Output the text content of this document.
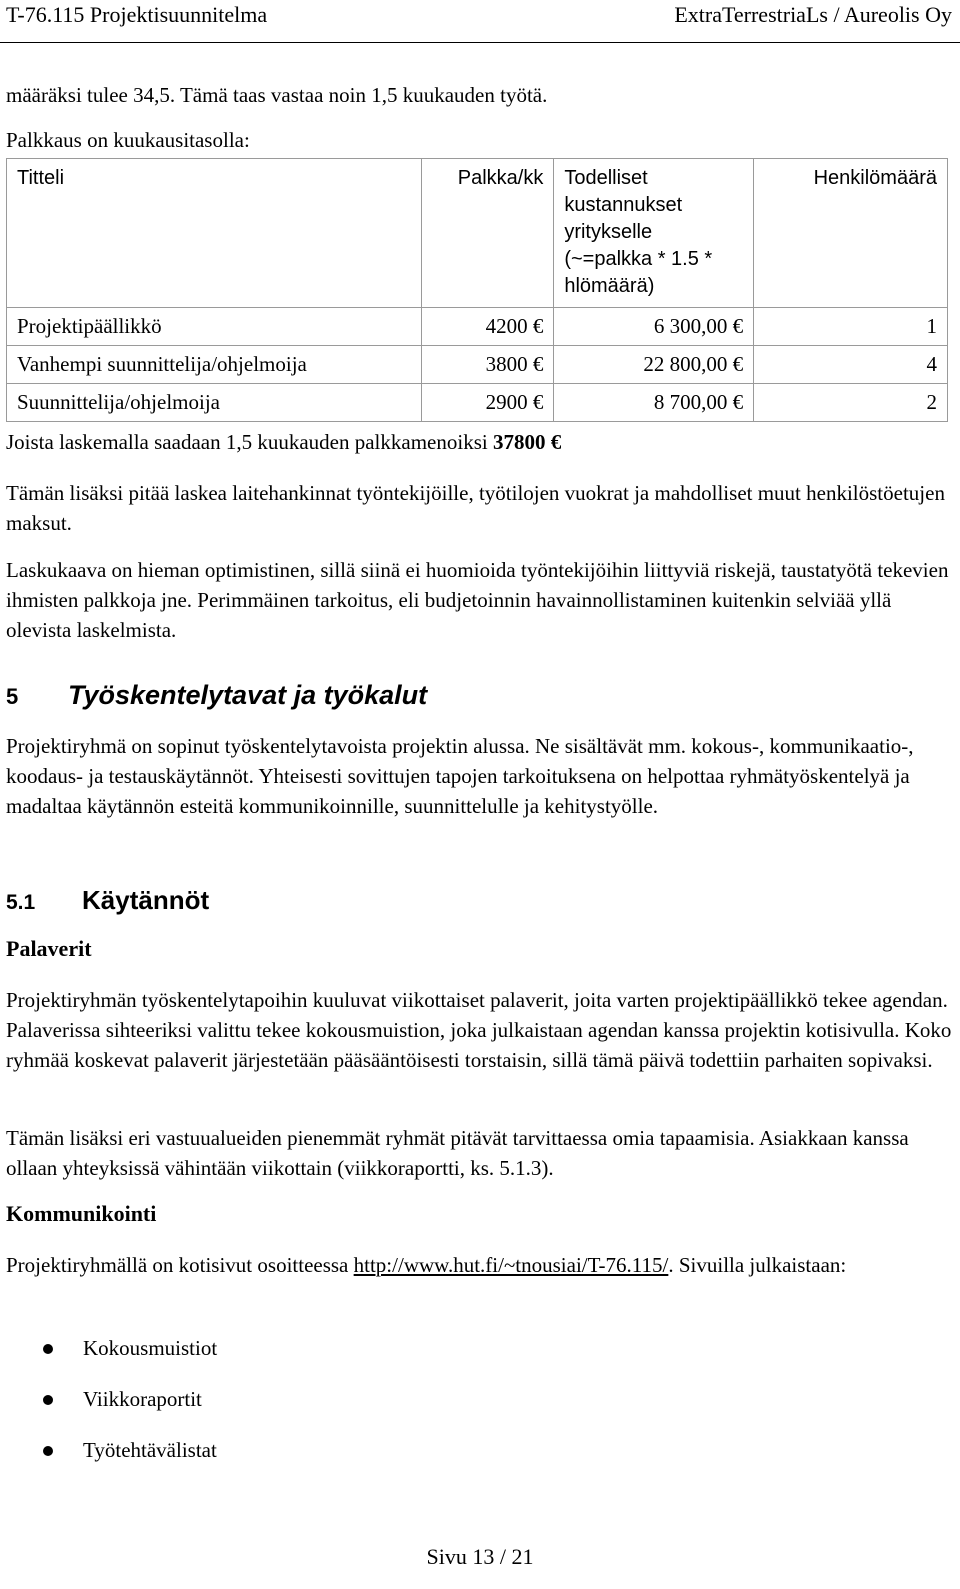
T-76.115 Projektisuunnitelma	ExtraTerrestriaLs / Aureolis Oy

määräksi tulee 34,5. Tämä taas vastaa noin 1,5 kuukauden työtä.

Palkkaus on kuukausitasolla:

Titteli	Palkka/kk	Todelliset kustannukset yritykselle (~=palkka * 1.5 * hlömäärä)	Henkilömäärä
Projektipäällikkö	4200 €	6 300,00 €	1
Vanhempi suunnittelija/ohjelmoija	3800 €	22 800,00 €	4
Suunnittelija/ohjelmoija	2900 €	8 700,00 €	2

Joista laskemalla saadaan 1,5 kuukauden palkkamenoiksi 37800 €

Tämän lisäksi pitää laskea laitehankinnat työntekijöille, työtilojen vuokrat ja mahdolliset muut henkilöstöetujen maksut.

Laskukaava on hieman optimistinen, sillä siinä ei huomioida työntekijöihin liittyviä riskejä, taustatyötä tekevien ihmisten palkkoja jne. Perimmäinen tarkoitus, eli budjetoinnin havainnollistaminen kuitenkin selviää yllä olevista laskelmista.

5	Työskentelytavat ja työkalut

Projektiryhmä on sopinut työskentelytavoista projektin alussa. Ne sisältävät mm. kokous-, kommunikaatio-, koodaus- ja testauskäytännöt. Yhteisesti sovittujen tapojen tarkoituksena on helpottaa ryhmätyöskentelyä ja madaltaa käytännön esteitä kommunikoinnille, suunnittelulle ja kehitystyölle.

5.1	Käytännöt
Palaverit

Projektiryhmän työskentelytapoihin kuuluvat viikottaiset palaverit, joita varten projektipäällikkö tekee agendan. Palaverissa sihteeriksi valittu tekee kokousmuistion, joka julkaistaan agendan kanssa projektin kotisivulla. Koko ryhmää koskevat palaverit järjestetään pääsääntöisesti torstaisin, sillä tämä päivä todettiin parhaiten sopivaksi.

Tämän lisäksi eri vastuualueiden pienemmät ryhmät pitävät tarvittaessa omia tapaamisia. Asiakkaan kanssa ollaan yhteyksissä vähintään viikottain (viikkoraportti, ks. 5.1.3).

Kommunikointi

Projektiryhmällä on kotisivut osoitteessa http://www.hut.fi/~tnousiai/T-76.115/. Sivuilla julkaistaan:

Kokousmuistiot
Viikkoraportit
Työtehtävälistat
Sivu 13 / 21
